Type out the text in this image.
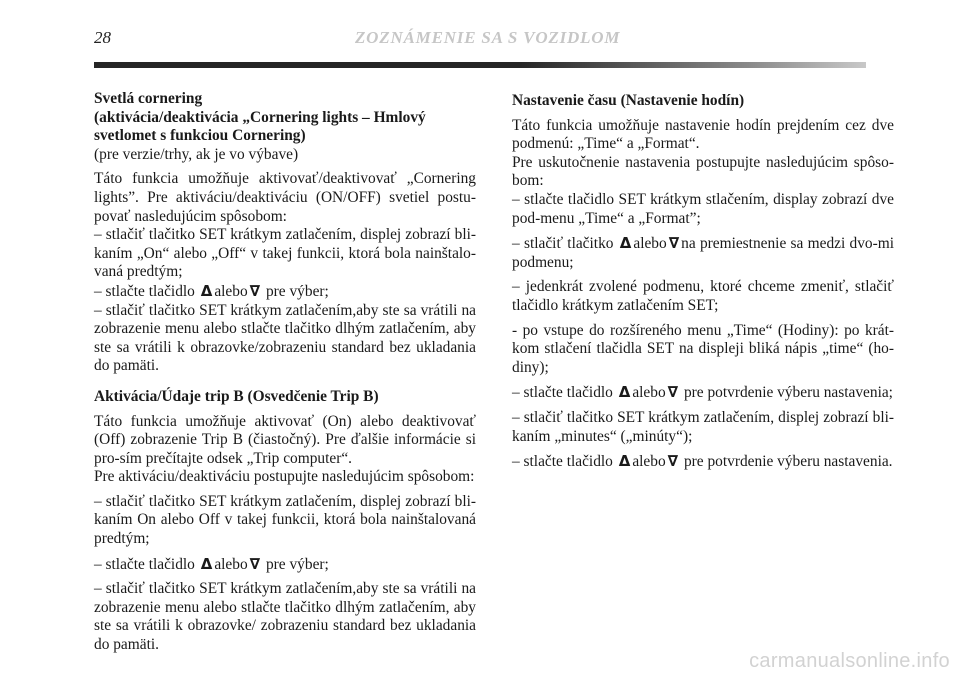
28	ZOZNÁMENIE SA S VOZIDLOM
Svetlá cornering
(aktivácia/deaktivácia „Cornering lights – Hmlový svetlomet s funkciou Cornering)

(pre verzie/trhy, ak je vo výbave)

Táto funkcia umožňuje aktivovať/deaktivovať „Cornering lights”. Pre aktiváciu/deaktiváciu (ON/OFF) svetiel postu-povať nasledujúcim spôsobom:

– stlačiť tlačitko SET krátkym zatlačením, displej zobrazí bli-kaním „On“ alebo „Off“ v takej funkcii, ktorá bola nainštalo-vaná predtým;

– stlačte tlačidlo Δ alebo ∇ pre výber;

– stlačiť tlačitko SET krátkym zatlačením,aby ste sa vrátili na zobrazenie menu alebo stlačte tlačitko dlhým zatlačením, aby ste sa vrátili k obrazovke/zobrazeniu standard bez ukladania do pamäti.

Aktivácia/Údaje trip B (Osvedčenie Trip B)

Táto funkcia umožňuje aktivovať (On) alebo deaktivovať (Off) zobrazenie Trip B (čiastočný). Pre ďalšie informácie si pro-sím prečítajte odsek „Trip computer“.

Pre aktiváciu/deaktiváciu postupujte nasledujúcim spôsobom:

– stlačiť tlačitko SET krátkym zatlačením, displej zobrazí bli-kaním On alebo Off v takej funkcii, ktorá bola nainštalovaná predtým;

– stlačte tlačidlo Δ alebo ∇ pre výber;

– stlačiť tlačitko SET krátkym zatlačením,aby ste sa vrátili na zobrazenie menu alebo stlačte tlačitko dlhým zatlačením, aby ste sa vrátili k obrazovke/ zobrazeniu standard bez ukladania do pamäti.

Nastavenie času (Nastavenie hodín)

Táto funkcia umožňuje nastavenie hodín prejdením cez dve podmenú: „Time“ a „Format“.

Pre uskutočnenie nastavenia postupujte nasledujúcim spôso-bom:

– stlačte tlačidlo SET krátkym stlačením, display zobrazí dve pod-menu „Time“ a „Format”;

– stlačiť tlačitko Δ alebo ∇ na premiestnenie sa medzi dvo-mi podmenu;

– jedenkrát zvolené podmenu, ktoré chceme zmeniť, stlačiť tlačidlo krátkym zatlačením SET;

- po vstupe do rozšíreného menu „Time“ (Hodiny): po krát-kom stlačení tlačidla SET na displeji bliká nápis „time“ (ho-diny);

– stlačte tlačidlo Δ alebo ∇ pre potvrdenie výberu nastavenia;

– stlačiť tlačitko SET krátkym zatlačením, displej zobrazí bli-kaním „minutes“ („minúty“);

– stlačte tlačidlo Δ alebo ∇ pre potvrdenie výberu nastavenia.

carmanualsonline.info
